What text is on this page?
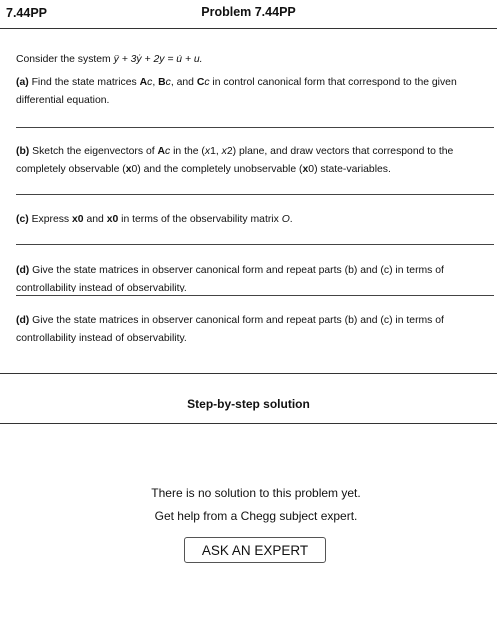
7.44PP	Problem 7.44PP
Consider the system ÿ + 3ẏ + 2y = u̇ + u.
(a) Find the state matrices Ac, Bc, and Cc in control canonical form that correspond to the given differential equation.
(b) Sketch the eigenvectors of Ac in the (x1, x2) plane, and draw vectors that correspond to the completely observable (x0) and the completely unobservable (x0) state-variables.
(c) Express x0 and x0 in terms of the observability matrix O.
(d) Give the state matrices in observer canonical form and repeat parts (b) and (c) in terms of controllability instead of observability.
(d) Give the state matrices in observer canonical form and repeat parts (b) and (c) in terms of controllability instead of observability.
Step-by-step solution
There is no solution to this problem yet.
Get help from a Chegg subject expert.
ASK AN EXPERT
